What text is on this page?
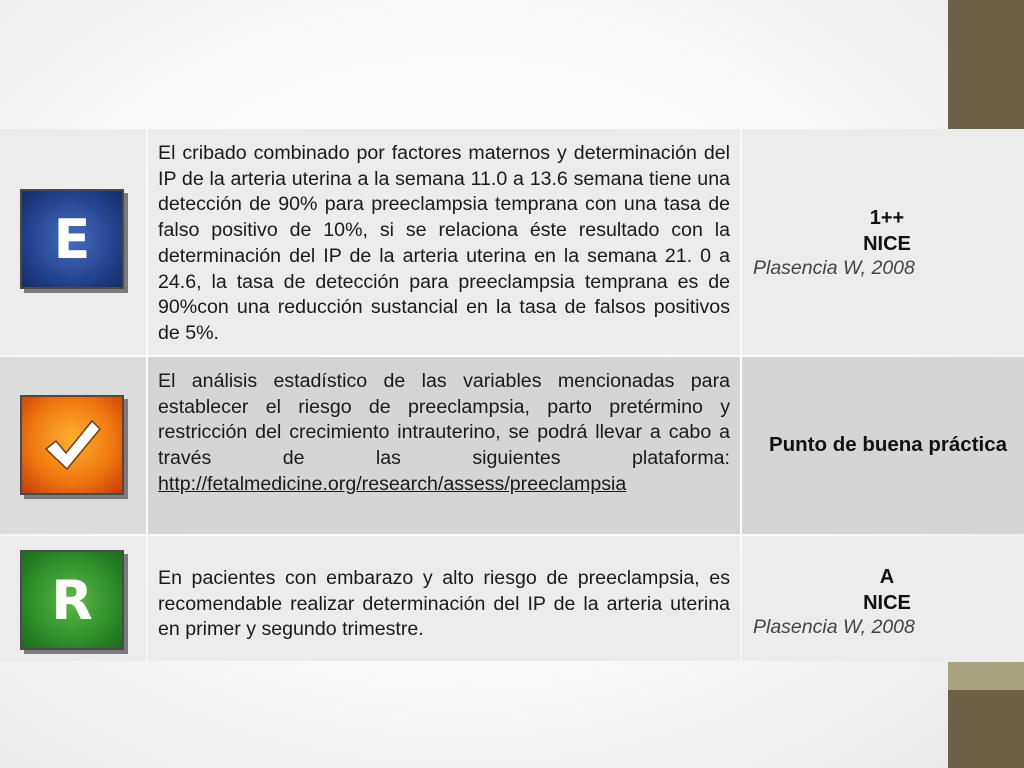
E

El cribado combinado por factores maternos y determinación del IP de la arteria uterina a la semana 11.0 a 13.6 semana tiene una detección de 90% para preeclampsia temprana con una tasa de falso positivo de 10%, si se relaciona éste resultado con la determinación del IP de la arteria uterina en la semana 21. 0 a 24.6, la tasa de detección para preeclampsia temprana es de 90%con una reducción sustancial en la tasa de falsos positivos de 5%.

1++
NICE
Plasencia W, 2008

El análisis estadístico de las variables mencionadas para establecer el riesgo de preeclampsia, parto pretérmino y restricción del crecimiento intrauterino, se podrá llevar a cabo a través de las siguientes plataforma:

http://fetalmedicine.org/research/assess/preeclampsia

Punto de buena práctica
R	En pacientes con embarazo y alto riesgo de preeclampsia, es recomendable realizar determinación del IP de la arteria uterina en primer y segundo trimestre.

A
NICE
Plasencia W, 2008
